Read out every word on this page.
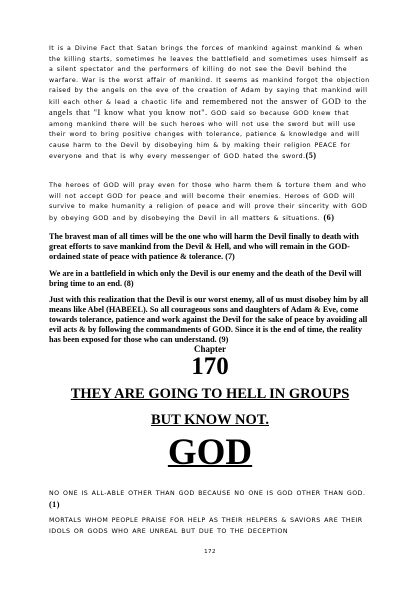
It is a Divine Fact that Satan brings the forces of mankind against mankind & when the killing starts, sometimes he leaves the battlefield and sometimes uses himself as a silent spectator and the performers of killing do not see the Devil behind the warfare. War is the worst affair of mankind. It seems as mankind forgot the objection raised by the angels on the eve of the creation of Adam by saying that mankind will kill each other & lead a chaotic life and remembered not the answer of GOD to the angels that "I know what you know not". GOD said so because GOD knew that among mankind there will be such heroes who will not use the sword but will use their word to bring positive changes with tolerance, patience & knowledge and will cause harm to the Devil by disobeying him & by making their religion PEACE for everyone and that is why every messenger of GOD hated the sword.(5)
The heroes of GOD will pray even for those who harm them & torture them and who will not accept GOD for peace and will become their enemies. Heroes of GOD will survive to make humanity a religion of peace and will prove their sincerity with GOD by obeying GOD and by disobeying the Devil in all matters & situations. (6)
The bravest man of all times will be the one who will harm the Devil finally to death with great efforts to save mankind from the Devil & Hell, and who will remain in the GOD-ordained state of peace with patience & tolerance. (7)
We are in a battlefield in which only the Devil is our enemy and the death of the Devil will bring time to an end. (8)
Just with this realization that the Devil is our worst enemy, all of us must disobey him by all means like Abel (HABEEL). So all courageous sons and daughters of Adam & Eve, come towards tolerance, patience and work against the Devil for the sake of peace by avoiding all evil acts & by following the commandments of GOD. Since it is the end of time, the reality has been exposed for those who can understand. (9)
Chapter
170
THEY ARE GOING TO HELL IN GROUPS
BUT KNOW NOT.
GOD
NO ONE IS ALL-ABLE OTHER THAN GOD BECAUSE NO ONE IS GOD OTHER THAN GOD.(1)
MORTALS WHOM PEOPLE PRAISE FOR HELP AS THEIR HELPERS & SAVIORS ARE THEIR IDOLS OR GODS WHO ARE UNREAL BUT DUE TO THE DECEPTION
172
